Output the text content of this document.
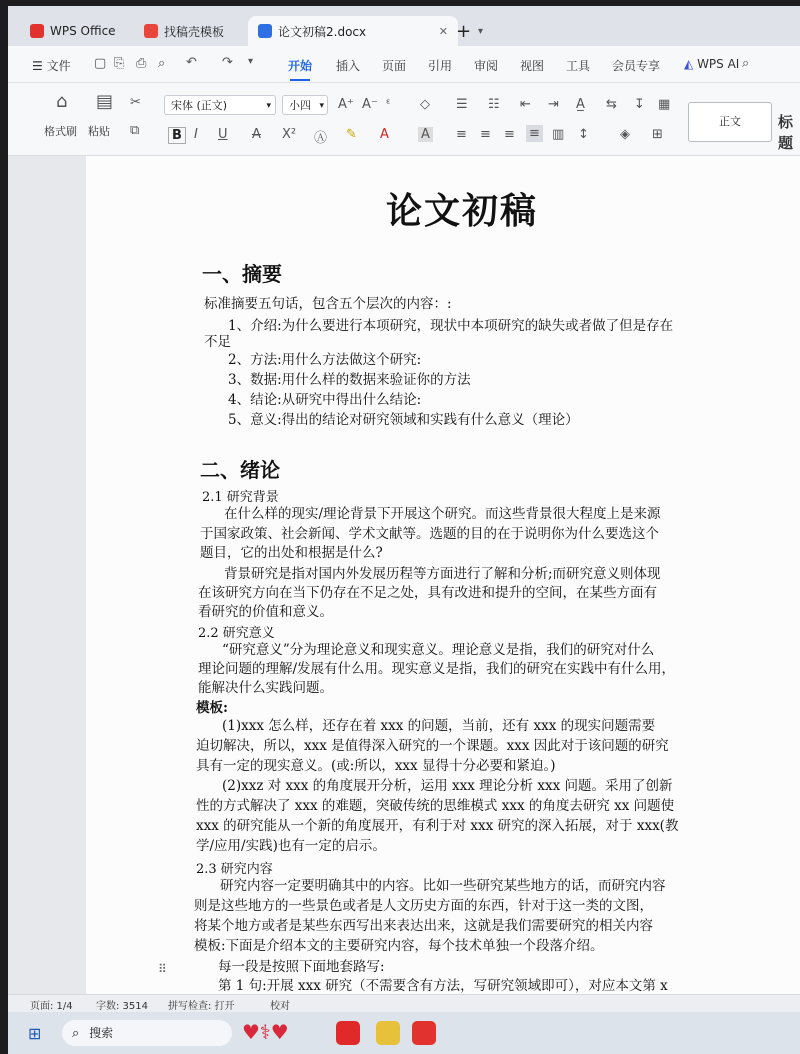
WPS Office	找稿壳模板	论文初稿2.docx	✕ + ▾
☰ 文件 ▢ ⎘ ⎙ ⌕ ↶ ↷ ▾	开始 插入 页面 引用 审阅 视图 工具 会员专享 ◭ WPS AI ⌕
⌂
格式刷
▤
粘贴
✂
⧉
宋体 (正文)	▾	小四 ▾ A⁺ A⁻ ᵋ ◇
B I U A X² Ⓐ ✎ A A
☰ ☷ ⇤ ⇥ A̲ ⇆ ↧ ▦
≡ ≡ ≡ ≡ ▥ ↕ ◈ ⊞
正文	标题
论文初稿
一、摘要
标准摘要五句话，包含五个层次的内容：:
1、介绍:为什么要进行本项研究，现状中本项研究的缺失或者做了但是存在
不足
2、方法:用什么方法做这个研究:
3、数据:用什么样的数据来验证你的方法
4、结论:从研究中得出什么结论:
5、意义:得出的结论对研究领域和实践有什么意义（理论）
二、绪论
2.1 研究背景
在什么样的现实/理论背景下开展这个研究。而这些背景很大程度上是来源
于国家政策、社会新闻、学术文献等。选题的目的在于说明你为什么要选这个
题目，它的出处和根据是什么?
背景研究是指对国内外发展历程等方面进行了解和分析;而研究意义则体现
在该研究方向在当下仍存在不足之处，具有改进和提升的空间，在某些方面有
看研究的价值和意义。
2.2 研究意义
“研究意义”分为理论意义和现实意义。理论意义是指，我们的研究对什么
理论问题的理解/发展有什么用。现实意义是指，我们的研究在实践中有什么用，
能解决什么实践问题。
模板:
(1)xxx 怎么样，还存在着 xxx 的问题，当前，还有 xxx 的现实问题需要
迫切解决，所以，xxx 是值得深入研究的一个课题。xxx 因此对于该问题的研究
具有一定的现实意义。(或:所以，xxx 显得十分必要和紧迫。)
(2)xxz 对 xxx 的角度展开分析，运用 xxx 理论分析 xxx 问题。采用了创新
性的方式解决了 xxx 的难题，突破传统的思维模式 xxx 的角度去研究 xx 问题使
xxx 的研究能从一个新的角度展开，有利于对 xxx 研究的深入拓展，对于 xxx(教
学/应用/实践)也有一定的启示。
2.3 研究内容
研究内容一定要明确其中的内容。比如一些研究某些地方的话，而研究内容
则是这些地方的一些景色或者是人文历史方面的东西，针对于这一类的文图，
将某个地方或者是某些东西写出来表达出来，这就是我们需要研究的相关内容
模板:下面是介绍本文的主要研究内容，每个技术单独一个段落介绍。
每一段是按照下面地套路写:
第 1 句:开展 xxx 研究（不需要含有方法，写研究领域即可），对应本文第 x
⠿
页面: 1/4 字数: 3514 拼写检查: 打开	校对
⊞	⌕ 搜索	♥⚕♥
